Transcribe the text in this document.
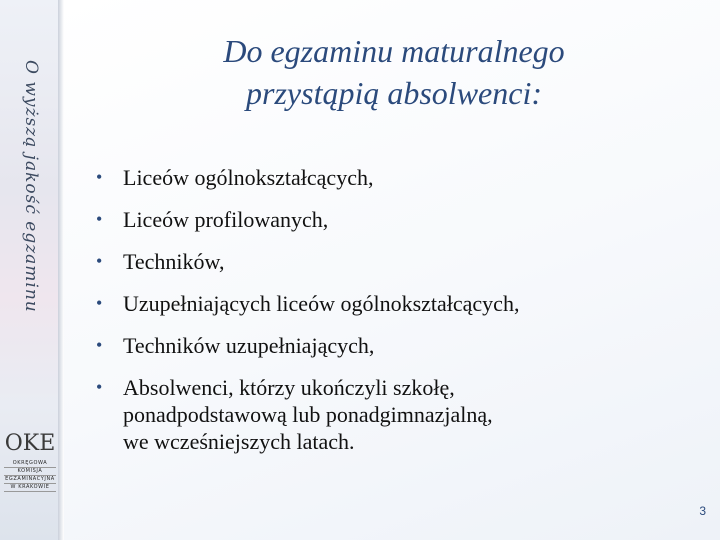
O wyższą jakość egzaminu
OKE
OKRĘGOWA
KOMISJA
EGZAMINACYJNA
W KRAKOWIE
Do egzaminu maturalnego
przystąpią absolwenci:
• Liceów ogólnokształcących,
• Liceów profilowanych,
• Techników,
• Uzupełniających liceów ogólnokształcących,
• Techników uzupełniających,
• Absolwenci, którzy ukończyli szkołę,
ponadpodstawową lub ponadgimnazjalną,
we wcześniejszych latach.
3
